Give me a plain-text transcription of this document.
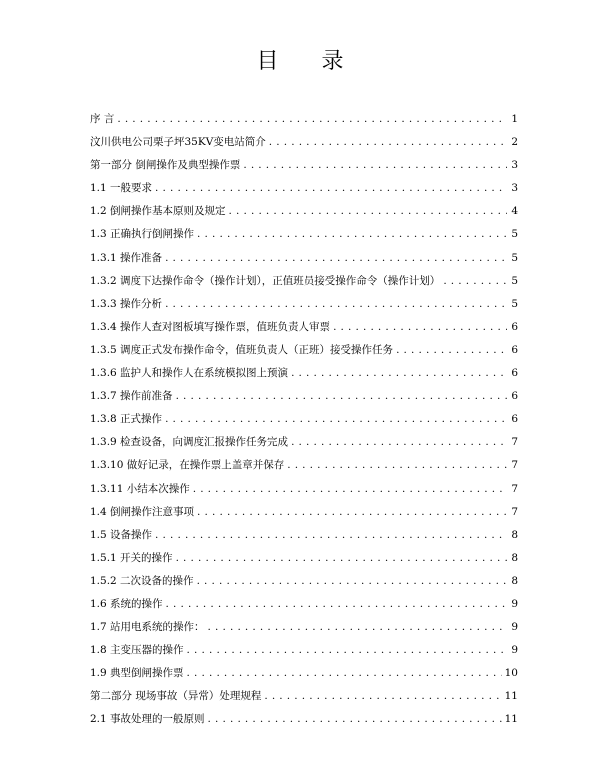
目 录
序 言 . . .	1
汶川供电公司栗子坪35KV变电站简介 . . .	2
第一部分 倒闸操作及典型操作票 . . .	3
1.1 一般要求 . . .	3
1.2 倒闸操作基本原则及规定 . . .	4
1.3 正确执行倒闸操作 . . .	5
1.3.1 操作准备 . . .	5
1.3.2 调度下达操作命令（操作计划），正值班员接受操作命令（操作计划） . . .	5
1.3.3 操作分析 . . .	5
1.3.4 操作人查对图板填写操作票，值班负责人审票 . . .	6
1.3.5 调度正式发布操作命令，值班负责人（正班）接受操作任务 . . .	6
1.3.6 监护人和操作人在系统模拟图上预演 . . .	6
1.3.7 操作前准备 . . .	6
1.3.8 正式操作 . . .	6
1.3.9 检查设备，向调度汇报操作任务完成 . . .	7
1.3.10 做好记录，在操作票上盖章并保存 . . .	7
1.3.11 小结本次操作 . . .	7
1.4 倒闸操作注意事项 . . .	7
1.5 设备操作 . . .	8
1.5.1 开关的操作 . . .	8
1.5.2 二次设备的操作 . . .	8
1.6 系统的操作 . . .	9
1.7 站用电系统的操作： . . .	9
1.8 主变压器的操作 . . .	9
1.9 典型倒闸操作票 . . .	10
第二部分 现场事故（异常）处理规程 . . .	11
2.1 事故处理的一般原则 . . .	11
